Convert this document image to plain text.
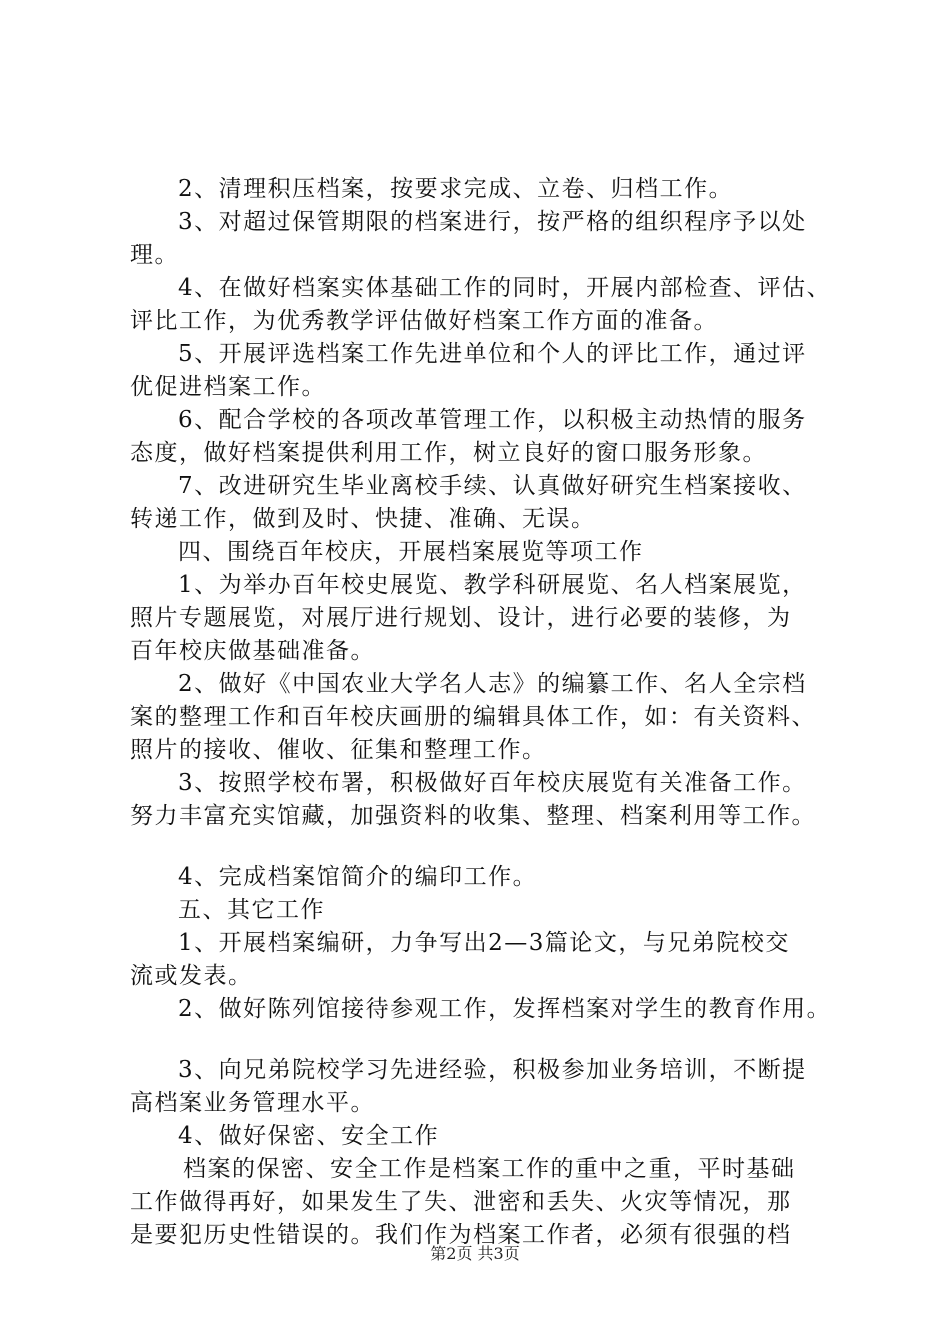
2、清理积压档案，按要求完成、立卷、归档工作。
3、对超过保管期限的档案进行，按严格的组织程序予以处
理。
4、在做好档案实体基础工作的同时，开展内部检查、评估、
评比工作，为优秀教学评估做好档案工作方面的准备。
5、开展评选档案工作先进单位和个人的评比工作，通过评
优促进档案工作。
6、配合学校的各项改革管理工作，以积极主动热情的服务
态度，做好档案提供利用工作，树立良好的窗口服务形象。
7、改进研究生毕业离校手续、认真做好研究生档案接收、
转递工作，做到及时、快捷、准确、无误。
四、围绕百年校庆，开展档案展览等项工作
1、为举办百年校史展览、教学科研展览、名人档案展览，
照片专题展览，对展厅进行规划、设计，进行必要的装修，为
百年校庆做基础准备。
2、做好《中国农业大学名人志》的编纂工作、名人全宗档
案的整理工作和百年校庆画册的编辑具体工作，如：有关资料、
照片的接收、催收、征集和整理工作。
3、按照学校布署，积极做好百年校庆展览有关准备工作。
努力丰富充实馆藏，加强资料的收集、整理、档案利用等工作。
4、完成档案馆简介的编印工作。
五、其它工作
1、开展档案编研，力争写出2—3篇论文，与兄弟院校交
流或发表。
2、做好陈列馆接待参观工作，发挥档案对学生的教育作用。
3、向兄弟院校学习先进经验，积极参加业务培训，不断提
高档案业务管理水平。
4、做好保密、安全工作
档案的保密、安全工作是档案工作的重中之重，平时基础
工作做得再好，如果发生了失、泄密和丢失、火灾等情况，那
是要犯历史性错误的。我们作为档案工作者，必须有很强的档
第2页 共3页
